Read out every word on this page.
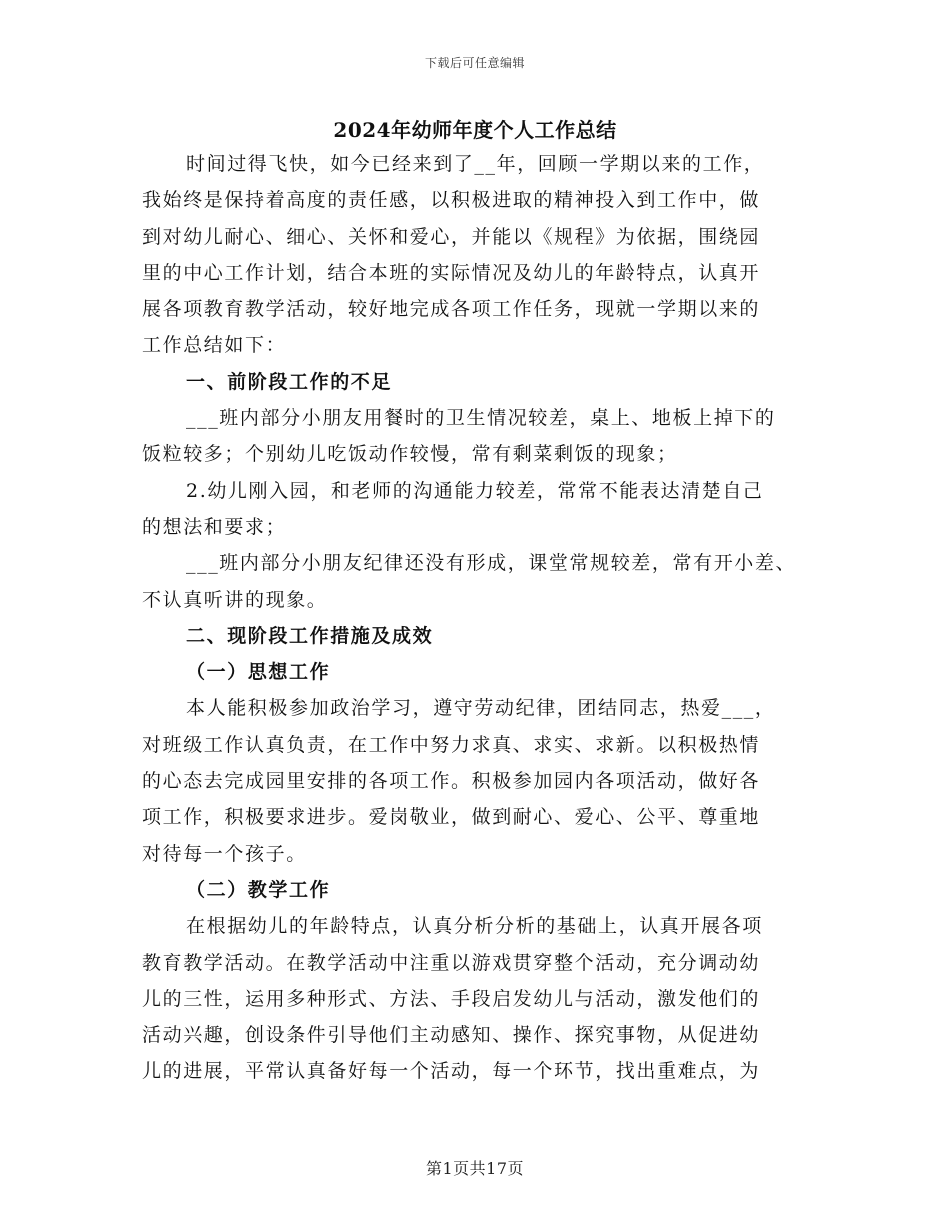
下载后可任意编辑
2024年幼师年度个人工作总结
时间过得飞快，如今已经来到了__年，回顾一学期以来的工作，
我始终是保持着高度的责任感，以积极进取的精神投入到工作中，做
到对幼儿耐心、细心、关怀和爱心，并能以《规程》为依据，围绕园
里的中心工作计划，结合本班的实际情况及幼儿的年龄特点，认真开
展各项教育教学活动，较好地完成各项工作任务，现就一学期以来的
工作总结如下：
一、前阶段工作的不足
___班内部分小朋友用餐时的卫生情况较差，桌上、地板上掉下的
饭粒较多；个别幼儿吃饭动作较慢，常有剩菜剩饭的现象；
2.幼儿刚入园，和老师的沟通能力较差，常常不能表达清楚自己
的想法和要求；
___班内部分小朋友纪律还没有形成，课堂常规较差，常有开小差、
不认真听讲的现象。
二、现阶段工作措施及成效
（一）思想工作
本人能积极参加政治学习，遵守劳动纪律，团结同志，热爱___，
对班级工作认真负责，在工作中努力求真、求实、求新。以积极热情
的心态去完成园里安排的各项工作。积极参加园内各项活动，做好各
项工作，积极要求进步。爱岗敬业，做到耐心、爱心、公平、尊重地
对待每一个孩子。
（二）教学工作
在根据幼儿的年龄特点，认真分析分析的基础上，认真开展各项
教育教学活动。在教学活动中注重以游戏贯穿整个活动，充分调动幼
儿的三性，运用多种形式、方法、手段启发幼儿与活动，激发他们的
活动兴趣，创设条件引导他们主动感知、操作、探究事物，从促进幼
儿的进展，平常认真备好每一个活动，每一个环节，找出重难点，为
第1页共17页
